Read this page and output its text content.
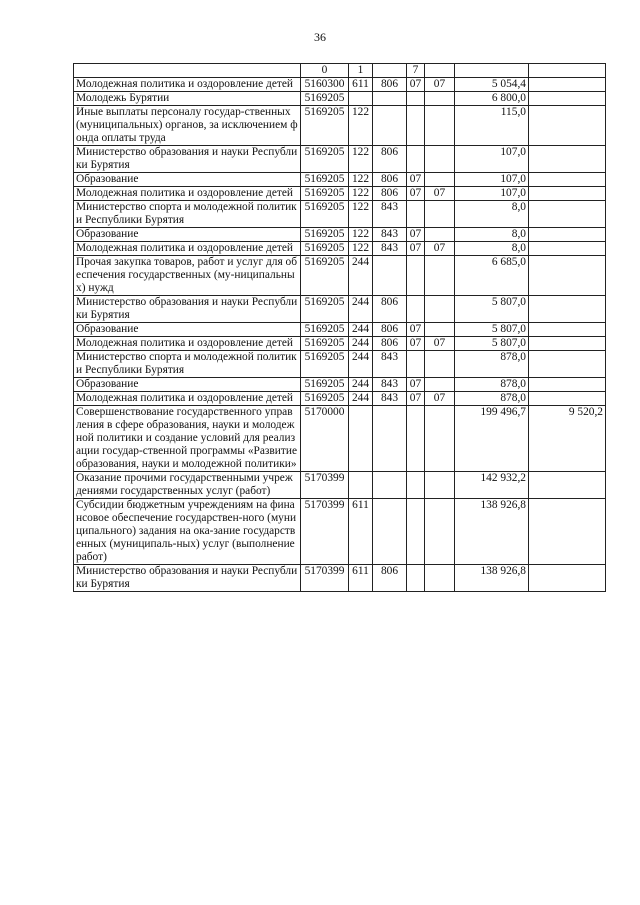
36
	0	1		7			
Молодежная политика и оздоровление детей	5160300	611	806	07	07	5 054,4	
Молодежь Бурятии	5169205					6 800,0	
Иные выплаты персоналу государ-ственных (муниципальных) органов, за исключением фонда оплаты труда	5169205	122				115,0	
Министерство образования и науки Республики Бурятия	5169205	122	806			107,0	
Образование	5169205	122	806	07		107,0	
Молодежная политика и оздоровление детей	5169205	122	806	07	07	107,0	
Министерство спорта и молодежной политики Республики Бурятия	5169205	122	843			8,0	
Образование	5169205	122	843	07		8,0	
Молодежная политика и оздоровление детей	5169205	122	843	07	07	8,0	
Прочая закупка товаров, работ и услуг для обеспечения государственных (му-ниципальных) нужд	5169205	244				6 685,0	
Министерство образования и науки Республики Бурятия	5169205	244	806			5 807,0	
Образование	5169205	244	806	07		5 807,0	
Молодежная политика и оздоровление детей	5169205	244	806	07	07	5 807,0	
Министерство спорта и молодежной политики Республики Бурятия	5169205	244	843			878,0	
Образование	5169205	244	843	07		878,0	
Молодежная политика и оздоровление детей	5169205	244	843	07	07	878,0	
Совершенствование государственного управления в сфере образования, науки и молодежной политики и создание условий для реализации государ-ственной программы «Развитие образования, науки и молодежной политики»	5170000					199 496,7	9 520,2
Оказание прочими государственными учреждениями государственных услуг (работ)	5170399					142 932,2	
Субсидии бюджетным учреждениям на финансовое обеспечение государствен-ного (муниципального) задания на ока-зание государственных (муниципаль-ных) услуг (выполнение работ)	5170399	611				138 926,8	
Министерство образования и науки Республики Бурятия	5170399	611	806			138 926,8	
